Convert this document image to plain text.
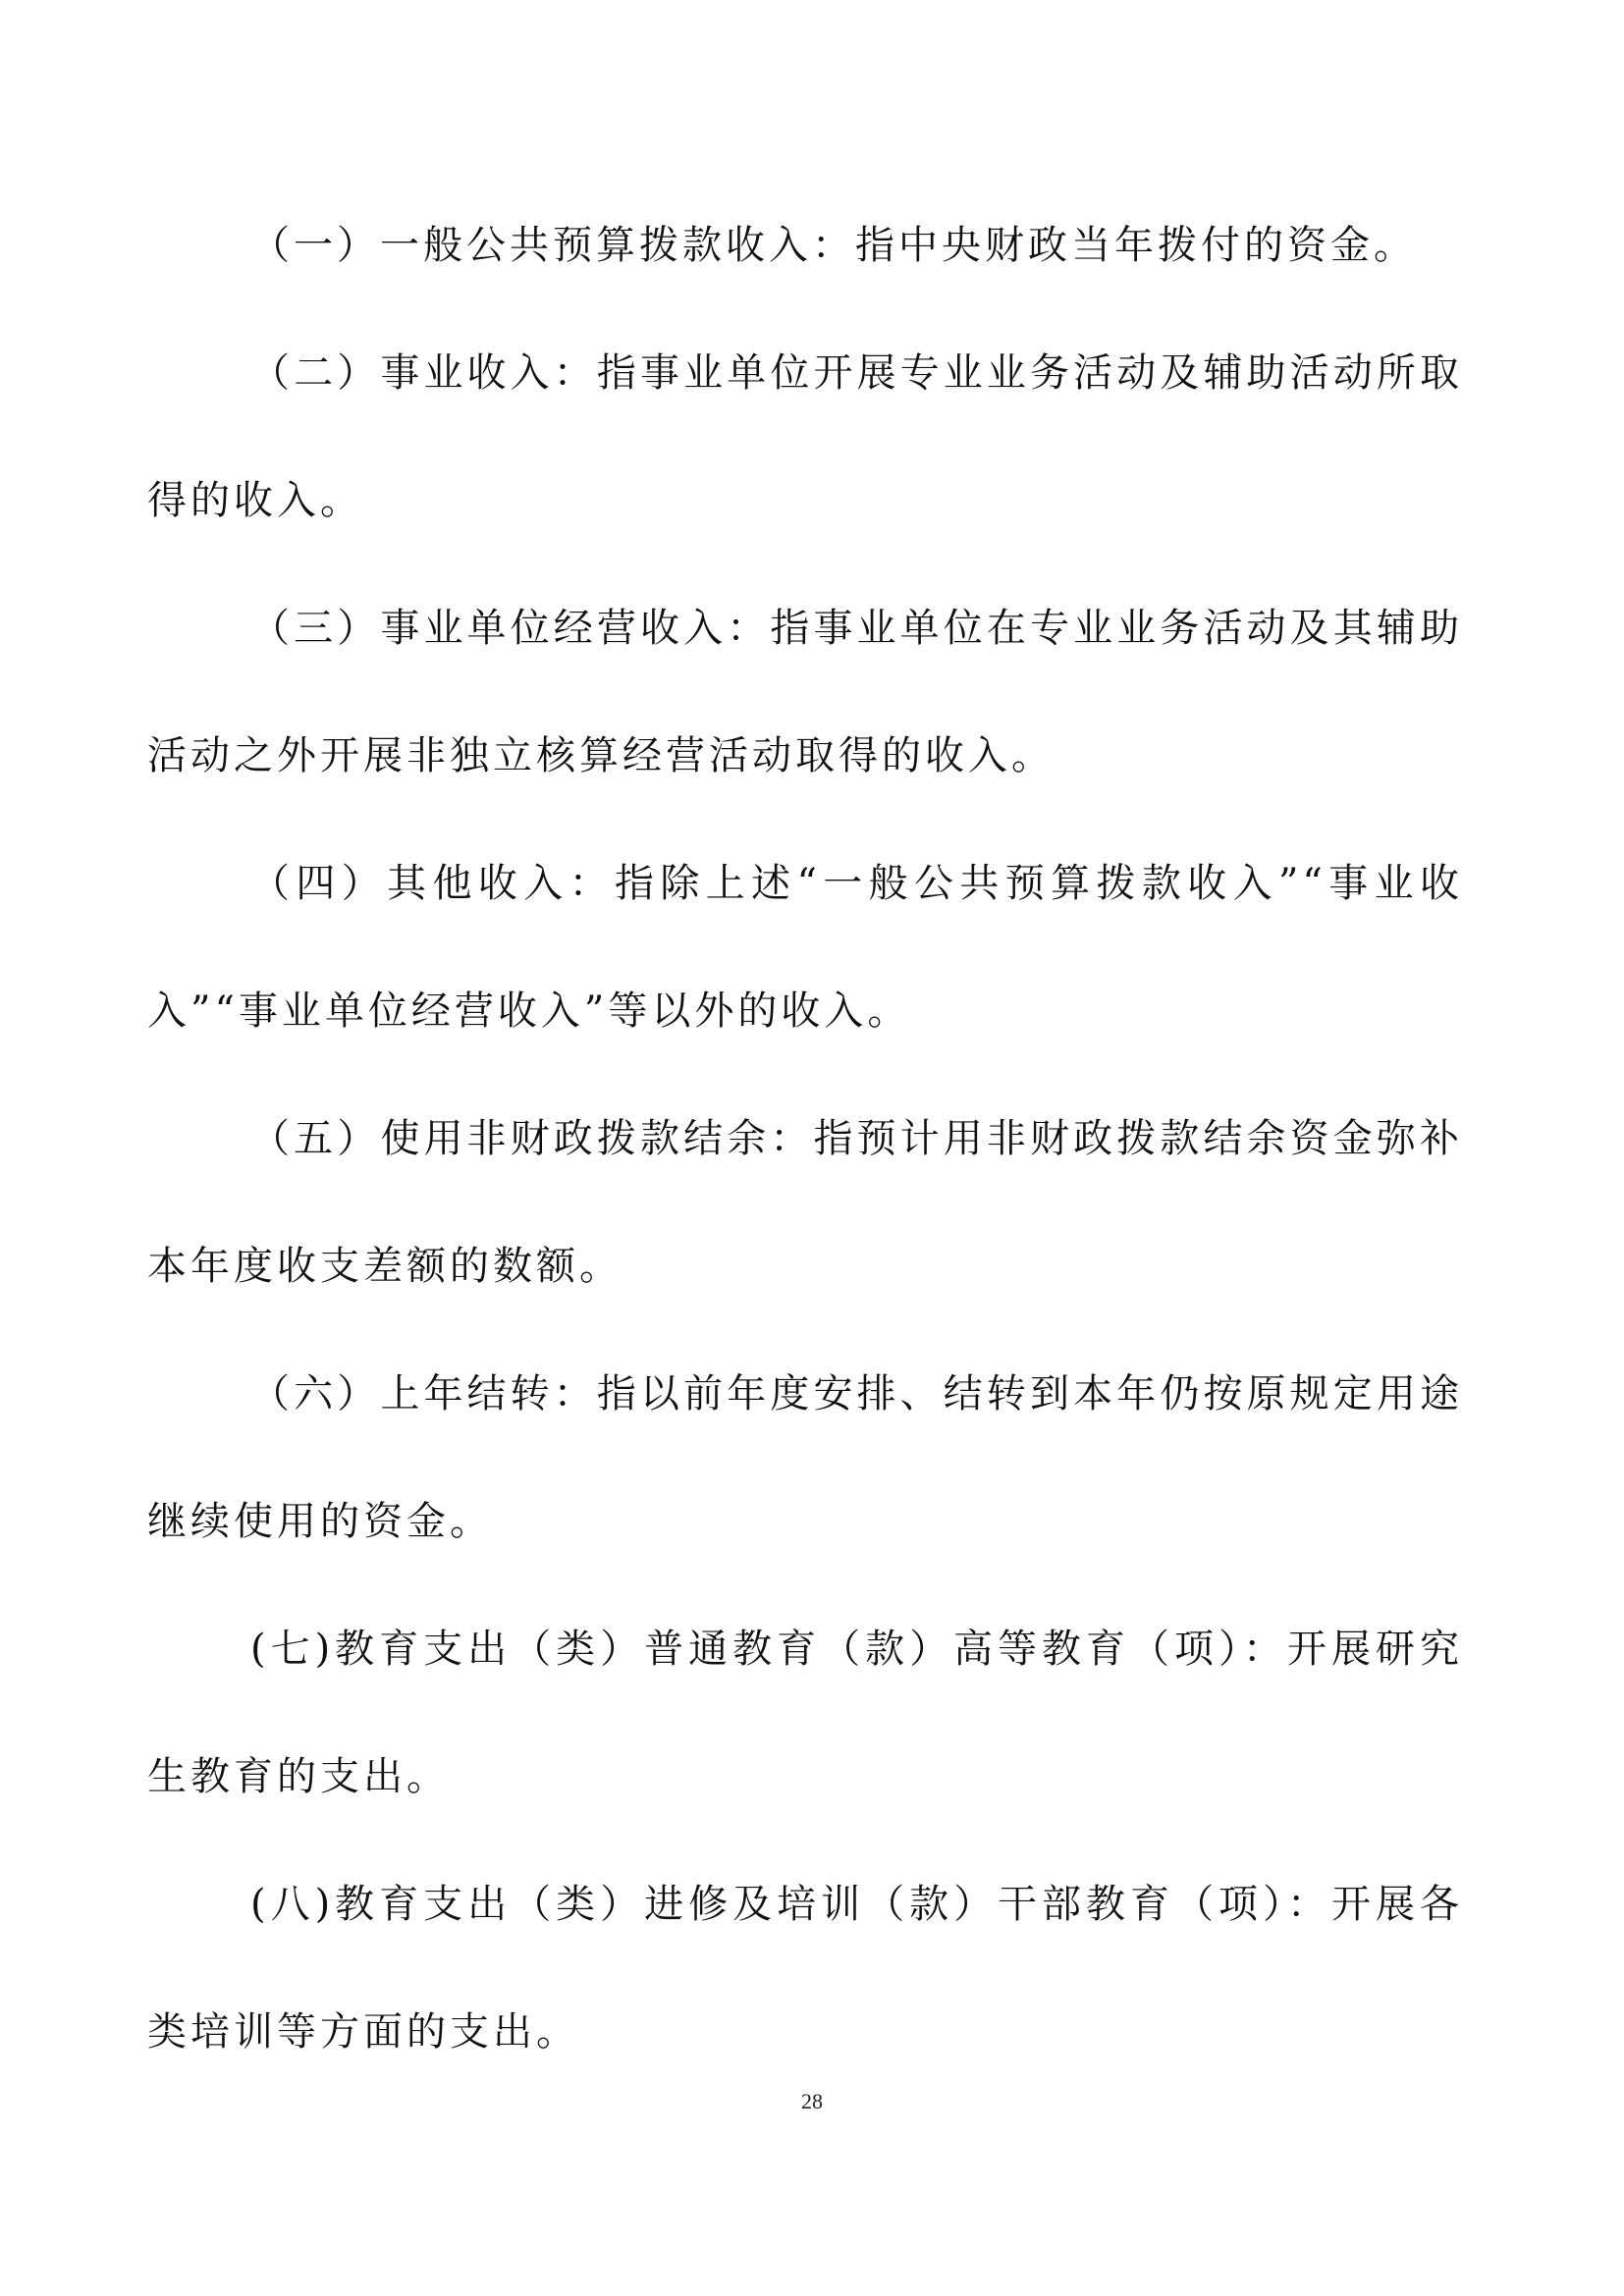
（一）一般公共预算拨款收入：指中央财政当年拨付的资金。

（二）事业收入：指事业单位开展专业业务活动及辅助活动所取得的收入。

（三）事业单位经营收入：指事业单位在专业业务活动及其辅助活动之外开展非独立核算经营活动取得的收入。

（四）其他收入：指除上述“一般公共预算拨款收入”“事业收入”“事业单位经营收入”等以外的收入。

（五）使用非财政拨款结余：指预计用非财政拨款结余资金弥补本年度收支差额的数额。

（六）上年结转：指以前年度安排、结转到本年仍按原规定用途继续使用的资金。

(七)教育支出（类）普通教育（款）高等教育（项）：开展研究生教育的支出。

(八)教育支出（类）进修及培训（款）干部教育（项）：开展各类培训等方面的支出。

28
